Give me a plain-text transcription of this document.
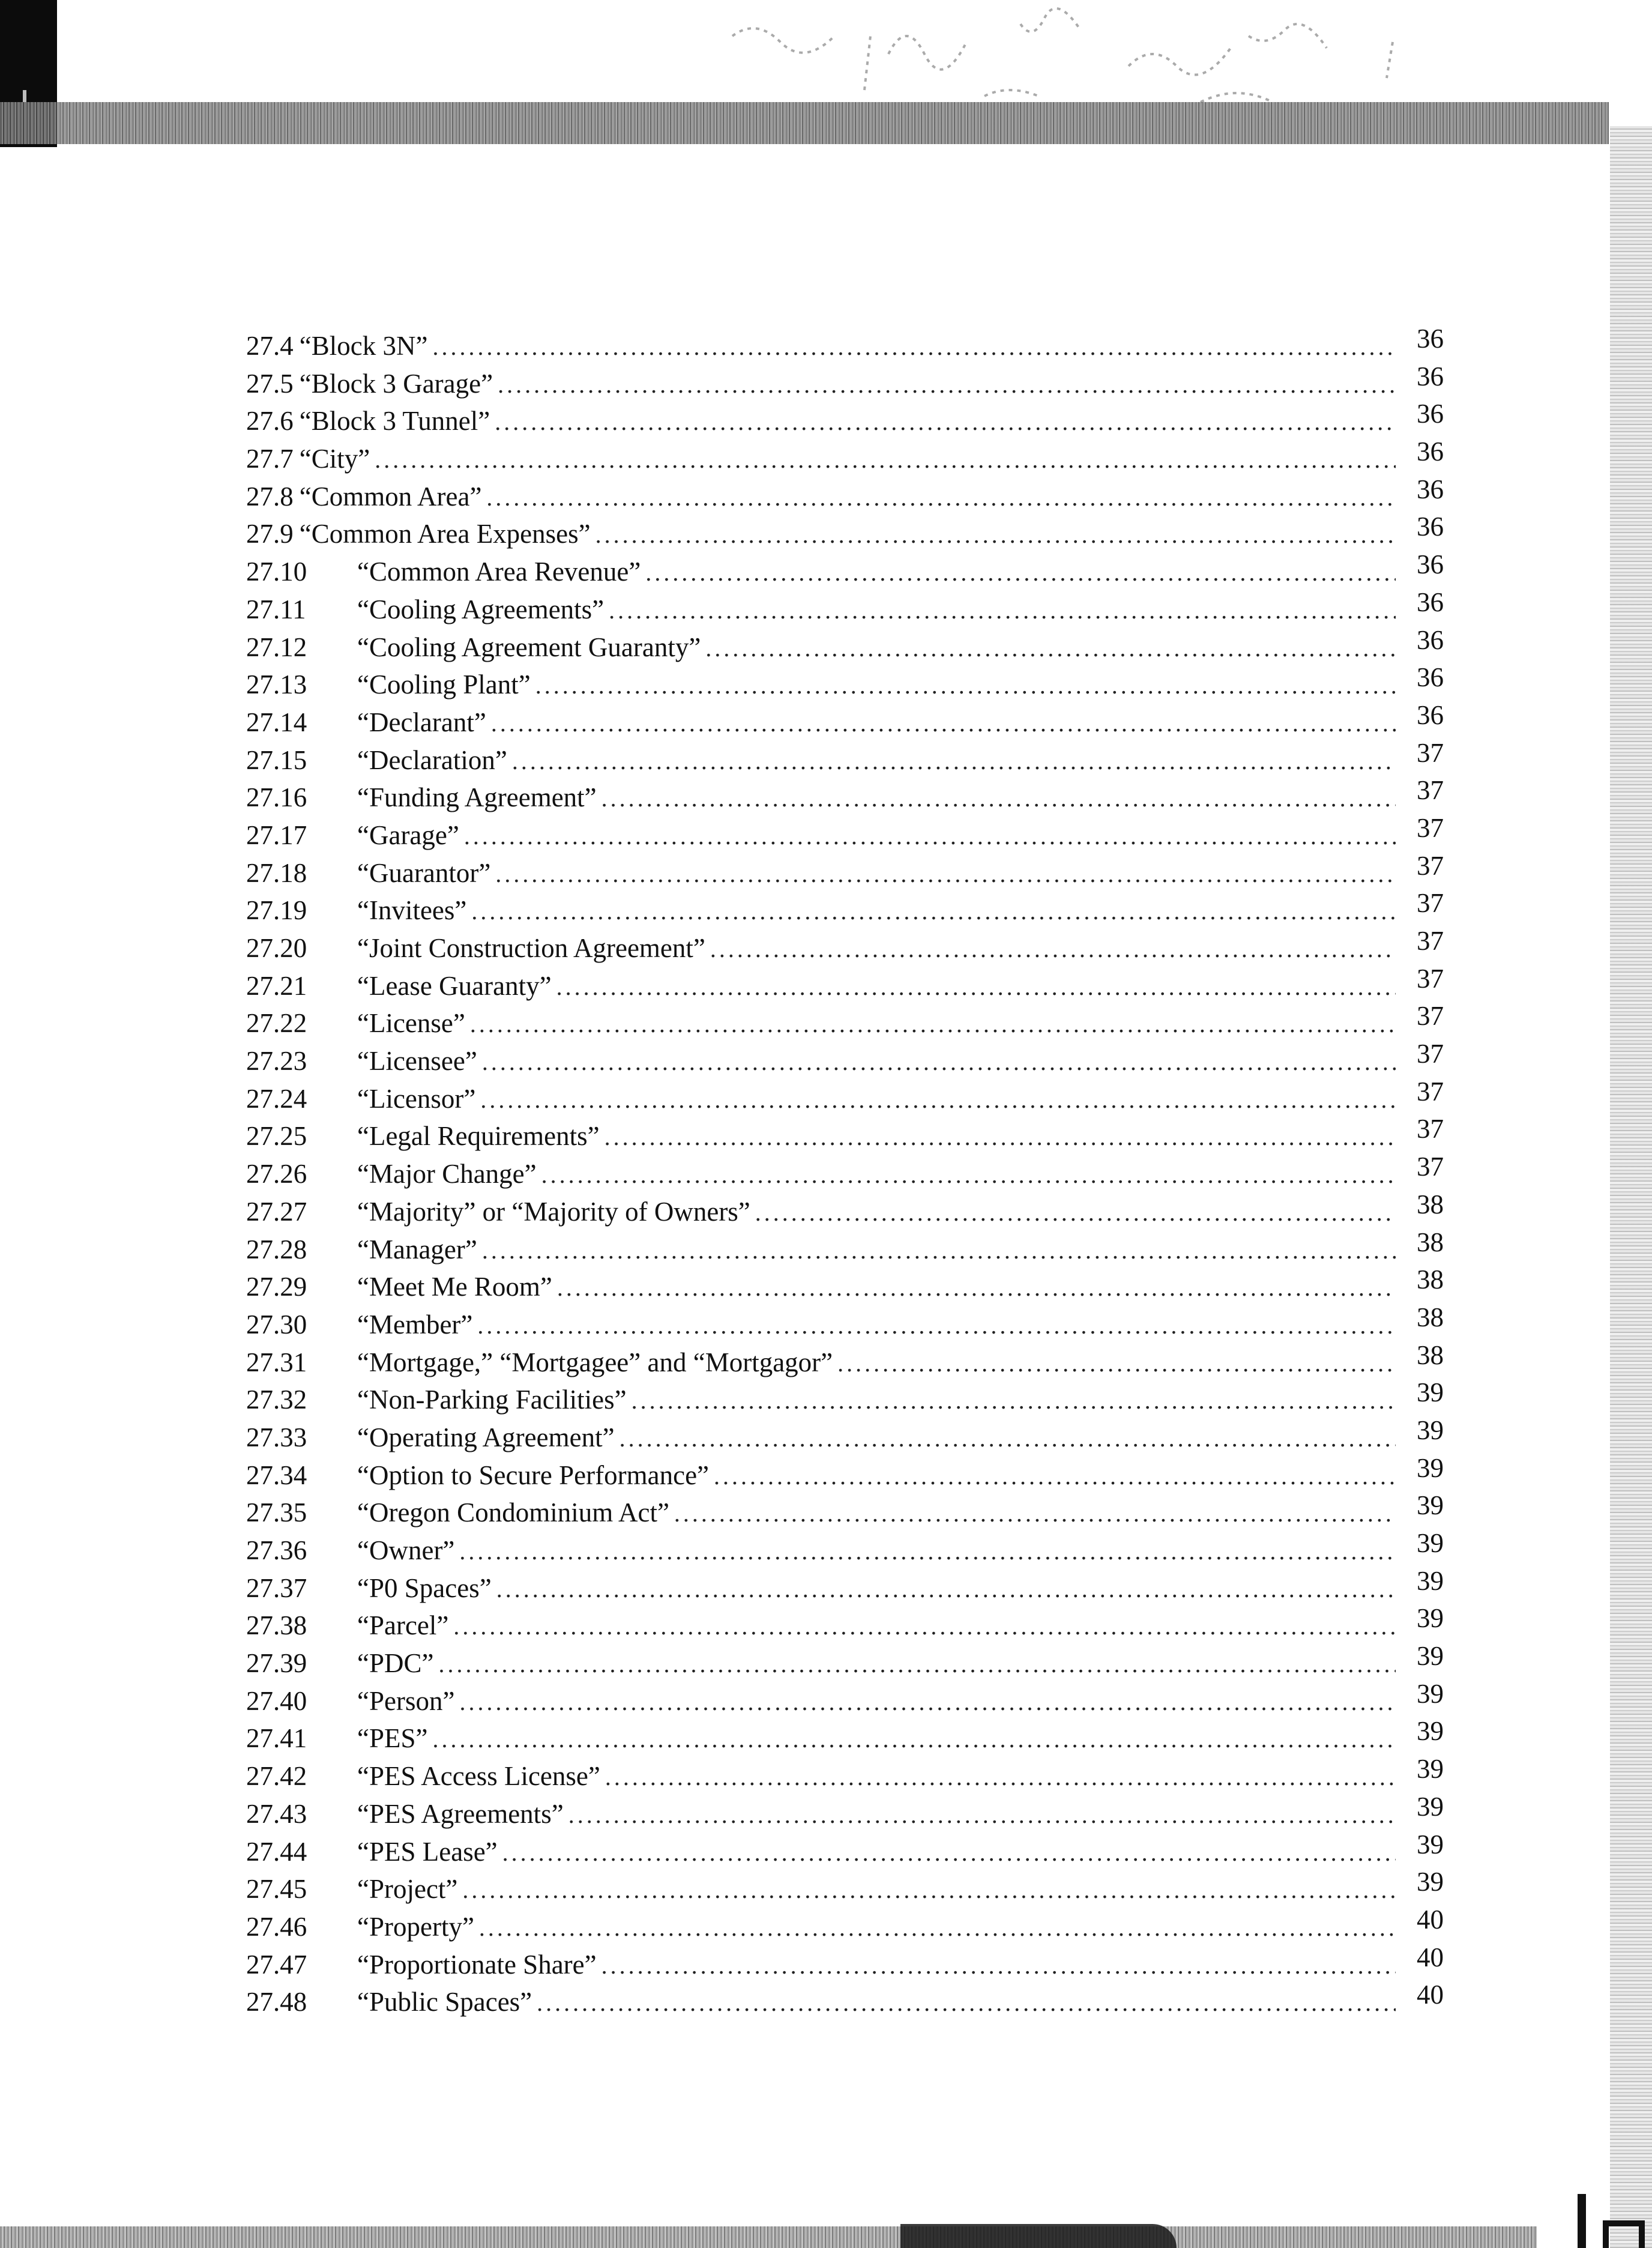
27.4 “Block 3N” .....	36
27.5 “Block 3 Garage” .....	36
27.6 “Block 3 Tunnel” .....	36
27.7 “City” .....	36
27.8 “Common Area” .....	36
27.9 “Common Area Expenses” .....	36
27.10	“Common Area Revenue” .....	36
27.11	“Cooling Agreements” .....	36
27.12	“Cooling Agreement Guaranty” .....	36
27.13	“Cooling Plant” .....	36
27.14	“Declarant” .....	36
27.15	“Declaration” .....	37
27.16	“Funding Agreement” .....	37
27.17	“Garage” .....	37
27.18	“Guarantor” .....	37
27.19	“Invitees” .....	37
27.20	“Joint Construction Agreement” .....	37
27.21	“Lease Guaranty” .....	37
27.22	“License” .....	37
27.23	“Licensee” .....	37
27.24	“Licensor” .....	37
27.25	“Legal Requirements” .....	37
27.26	“Major Change” .....	37
27.27	“Majority” or “Majority of Owners” .....	38
27.28	“Manager” .....	38
27.29	“Meet Me Room” .....	38
27.30	“Member” .....	38
27.31	“Mortgage,” “Mortgagee” and “Mortgagor” .....	38
27.32	“Non-Parking Facilities” .....	39
27.33	“Operating Agreement” .....	39
27.34	“Option to Secure Performance” .....	39
27.35	“Oregon Condominium Act” .....	39
27.36	“Owner” .....	39
27.37	“P0 Spaces” .....	39
27.38	“Parcel” .....	39
27.39	“PDC” .....	39
27.40	“Person” .....	39
27.41	“PES” .....	39
27.42	“PES Access License” .....	39
27.43	“PES Agreements” .....	39
27.44	“PES Lease” .....	39
27.45	“Project” .....	39
27.46	“Property” .....	40
27.47	“Proportionate Share” .....	40
27.48	“Public Spaces” .....	40
